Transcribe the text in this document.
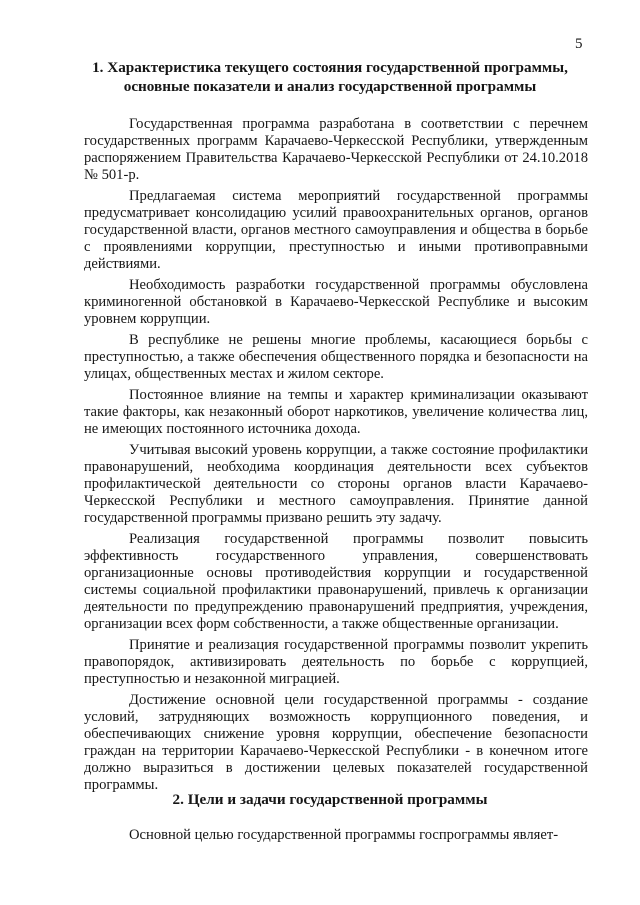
5
1. Характеристика текущего состояния государственной программы,
основные показатели и анализ государственной программы

Государственная программа разработана в соответствии с перечнем государственных программ Карачаево-Черкесской Республики, утвержденным распоряжением Правительства Карачаево-Черкесской Республики от 24.10.2018 № 501-р.

Предлагаемая система мероприятий государственной программы предусматривает консолидацию усилий правоохранительных органов, органов государственной власти, органов местного самоуправления и общества в борьбе с проявлениями коррупции, преступностью и иными противоправными действиями.

Необходимость разработки государственной программы обусловлена криминогенной обстановкой в Карачаево-Черкесской Республике и высоким уровнем коррупции.

В республике не решены многие проблемы, касающиеся борьбы с преступностью, а также обеспечения общественного порядка и безопасности на улицах, общественных местах и жилом секторе.

Постоянное влияние на темпы и характер криминализации оказывают такие факторы, как незаконный оборот наркотиков, увеличение количества лиц, не имеющих постоянного источника дохода.

Учитывая высокий уровень коррупции, а также состояние профилактики правонарушений, необходима координация деятельности всех субъектов профилактической деятельности со стороны органов власти Карачаево-Черкесской Республики и местного самоуправления. Принятие данной государственной программы призвано решить эту задачу.

Реализация государственной программы позволит повысить эффективность государственного управления, совершенствовать организационные основы противодействия коррупции и государственной системы социальной профилактики правонарушений, привлечь к организации деятельности по предупреждению правонарушений предприятия, учреждения, организации всех форм собственности, а также общественные организации.

Принятие и реализация государственной программы позволит укрепить правопорядок, активизировать деятельность по борьбе с коррупцией, преступностью и незаконной миграцией.

Достижение основной цели государственной программы - создание условий, затрудняющих возможность коррупционного поведения, и обеспечивающих снижение уровня коррупции, обеспечение безопасности граждан на территории Карачаево-Черкесской Республики - в конечном итоге должно выразиться в достижении целевых показателей государственной программы.

2. Цели и задачи государственной программы

Основной целью государственной программы госпрограммы являет-
